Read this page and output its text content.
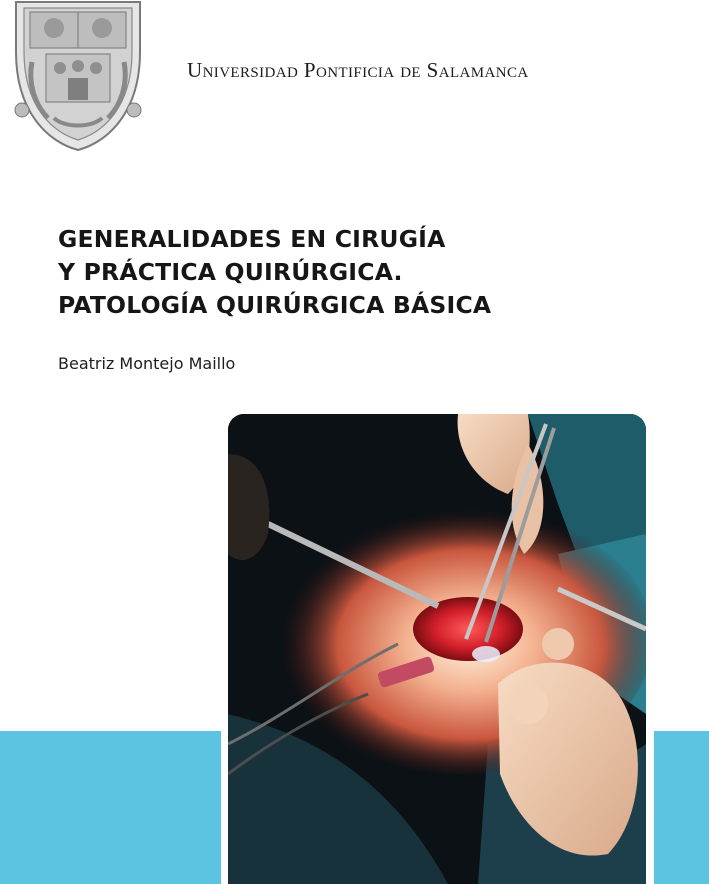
Universidad Pontificia de Salamanca
GENERALIDADES EN CIRUGÍA
Y PRÁCTICA QUIRÚRGICA.
PATOLOGÍA QUIRÚRGICA BÁSICA
Beatriz Montejo Maillo
